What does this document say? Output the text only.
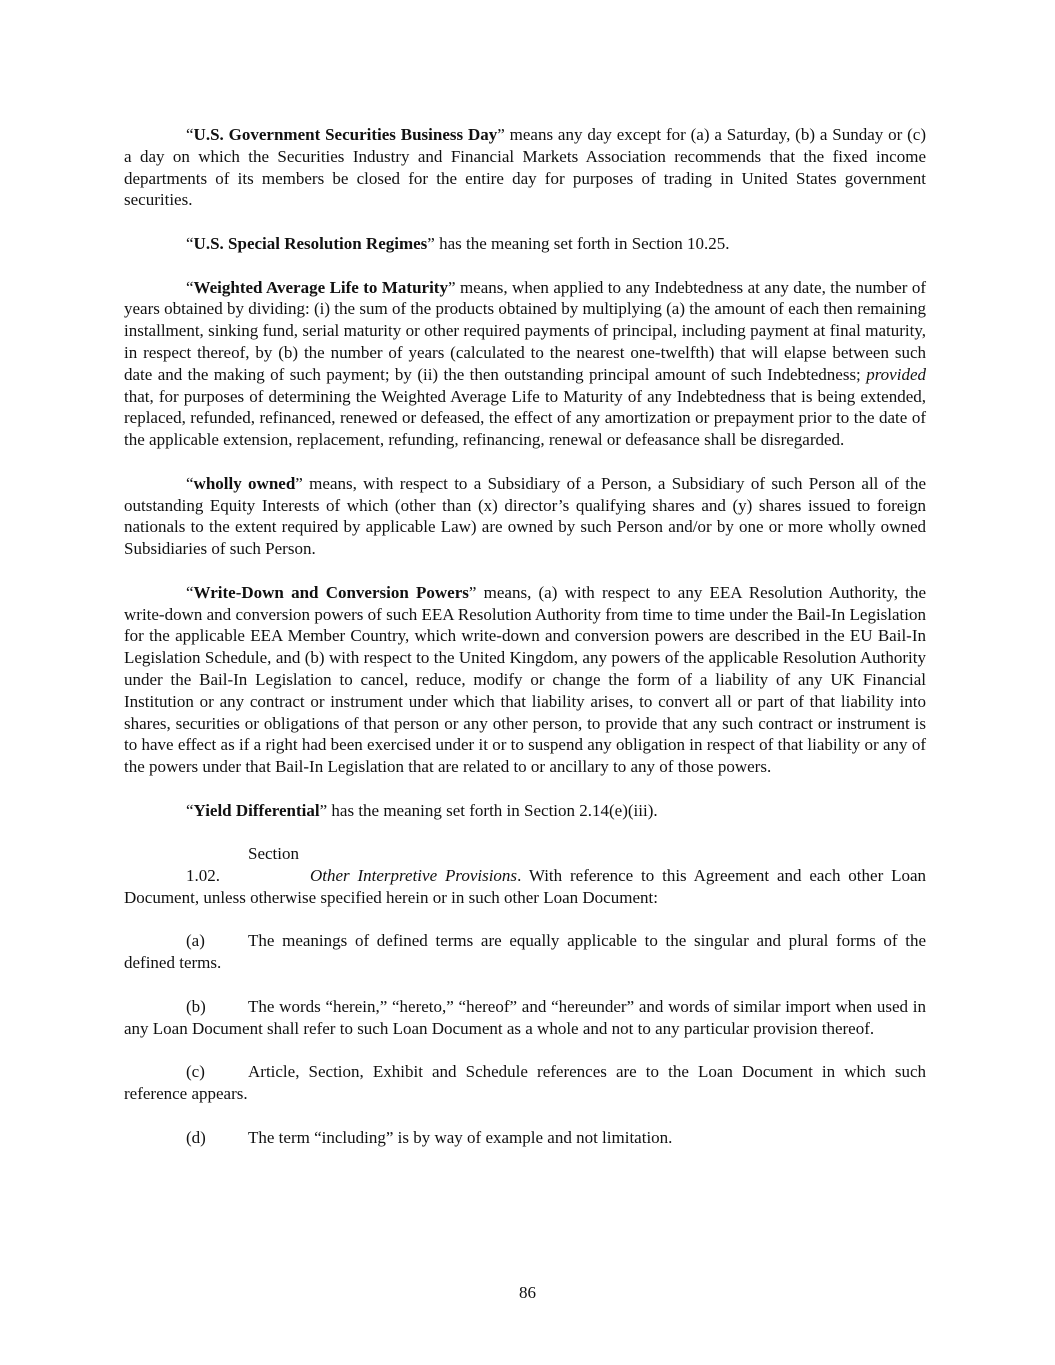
“U.S. Government Securities Business Day” means any day except for (a) a Saturday, (b) a Sunday or (c) a day on which the Securities Industry and Financial Markets Association recommends that the fixed income departments of its members be closed for the entire day for purposes of trading in United States government securities.

“U.S. Special Resolution Regimes” has the meaning set forth in Section 10.25.

“Weighted Average Life to Maturity” means, when applied to any Indebtedness at any date, the number of years obtained by dividing: (i) the sum of the products obtained by multiplying (a) the amount of each then remaining installment, sinking fund, serial maturity or other required payments of principal, including payment at final maturity, in respect thereof, by (b) the number of years (calculated to the nearest one-twelfth) that will elapse between such date and the making of such payment; by (ii) the then outstanding principal amount of such Indebtedness; provided that, for purposes of determining the Weighted Average Life to Maturity of any Indebtedness that is being extended, replaced, refunded, refinanced, renewed or defeased, the effect of any amortization or prepayment prior to the date of the applicable extension, replacement, refunding, refinancing, renewal or defeasance shall be disregarded.

“wholly owned” means, with respect to a Subsidiary of a Person, a Subsidiary of such Person all of the outstanding Equity Interests of which (other than (x) director’s qualifying shares and (y) shares issued to foreign nationals to the extent required by applicable Law) are owned by such Person and/or by one or more wholly owned Subsidiaries of such Person.

“Write-Down and Conversion Powers” means, (a) with respect to any EEA Resolution Authority, the write-down and conversion powers of such EEA Resolution Authority from time to time under the Bail-In Legislation for the applicable EEA Member Country, which write-down and conversion powers are described in the EU Bail-In Legislation Schedule, and (b) with respect to the United Kingdom, any powers of the applicable Resolution Authority under the Bail-In Legislation to cancel, reduce, modify or change the form of a liability of any UK Financial Institution or any contract or instrument under which that liability arises, to convert all or part of that liability into shares, securities or obligations of that person or any other person, to provide that any such contract or instrument is to have effect as if a right had been exercised under it or to suspend any obligation in respect of that liability or any of the powers under that Bail-In Legislation that are related to or ancillary to any of those powers.

“Yield Differential” has the meaning set forth in Section 2.14(e)(iii).

Section 1.02.	Other Interpretive Provisions. With reference to this Agreement and each other Loan Document, unless otherwise specified herein or in such other Loan Document:

(a)	The meanings of defined terms are equally applicable to the singular and plural forms of the defined terms.

(b) The words “herein,” “hereto,” “hereof” and “hereunder” and words of similar import when used in any Loan Document shall refer to such Loan Document as a whole and not to any particular provision thereof.

(c)	Article, Section, Exhibit and Schedule references are to the Loan Document in which such reference appears.

(d) The term “including” is by way of example and not limitation.

86
